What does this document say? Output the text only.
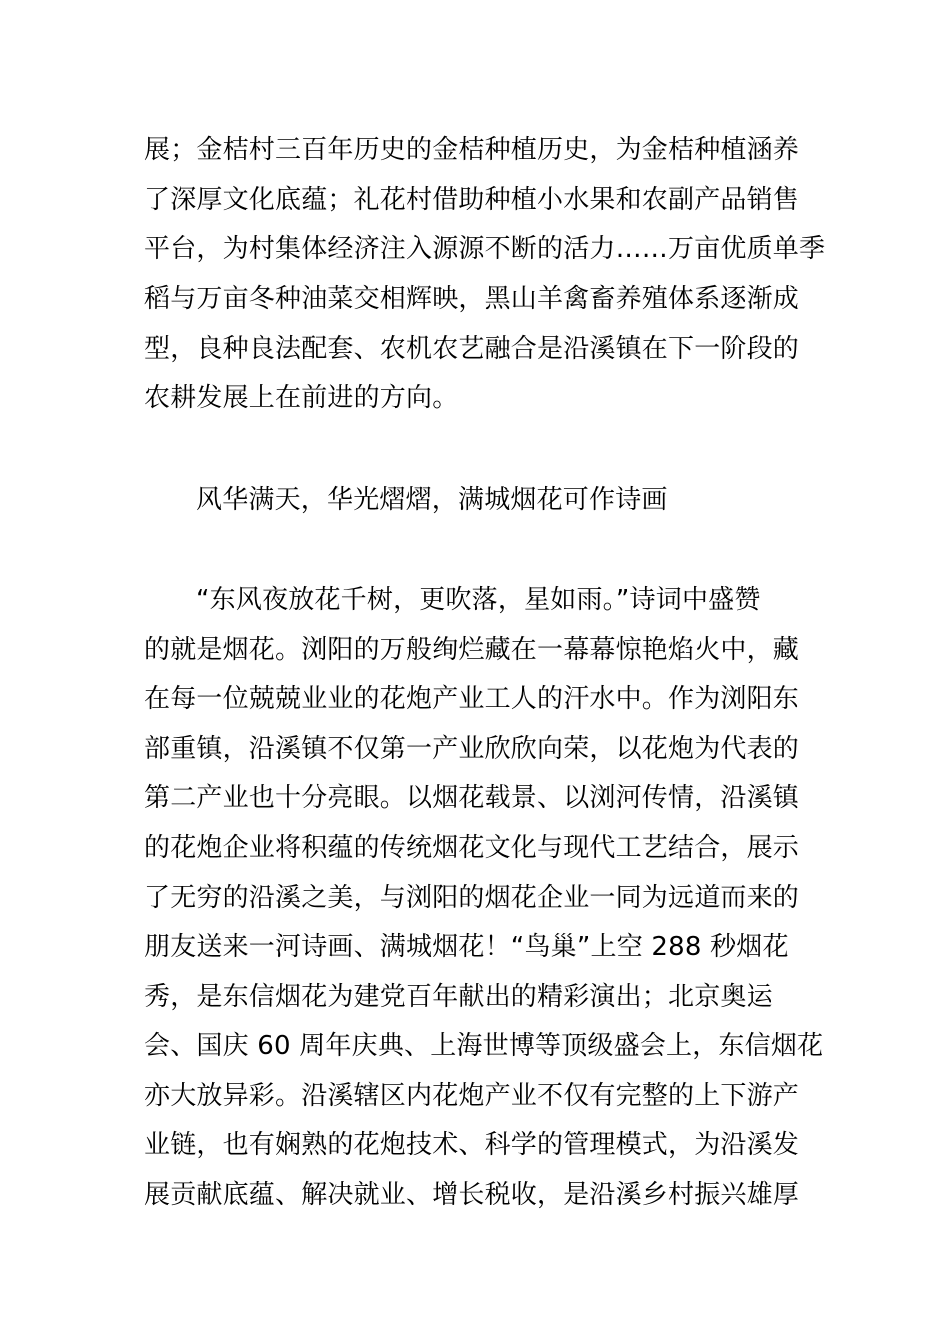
展；金桔村三百年历史的金桔种植历史，为金桔种植涵养
了深厚文化底蕴；礼花村借助种植小水果和农副产品销售
平台，为村集体经济注入源源不断的活力……万亩优质单季
稻与万亩冬种油菜交相辉映，黑山羊禽畜养殖体系逐渐成
型，良种良法配套、农机农艺融合是沿溪镇在下一阶段的
农耕发展上在前进的方向。
风华满天，华光熠熠，满城烟花可作诗画
“东风夜放花千树，更吹落，星如雨。”诗词中盛赞
的就是烟花。浏阳的万般绚烂藏在一幕幕惊艳焰火中，藏
在每一位兢兢业业的花炮产业工人的汗水中。作为浏阳东
部重镇，沿溪镇不仅第一产业欣欣向荣，以花炮为代表的
第二产业也十分亮眼。以烟花载景、以浏河传情，沿溪镇
的花炮企业将积蕴的传统烟花文化与现代工艺结合，展示
了无穷的沿溪之美，与浏阳的烟花企业一同为远道而来的
朋友送来一河诗画、满城烟花！“鸟巢”上空 288 秒烟花
秀，是东信烟花为建党百年献出的精彩演出；北京奥运
会、国庆 60 周年庆典、上海世博等顶级盛会上，东信烟花
亦大放异彩。沿溪辖区内花炮产业不仅有完整的上下游产
业链，也有娴熟的花炮技术、科学的管理模式，为沿溪发
展贡献底蕴、解决就业、增长税收，是沿溪乡村振兴雄厚
